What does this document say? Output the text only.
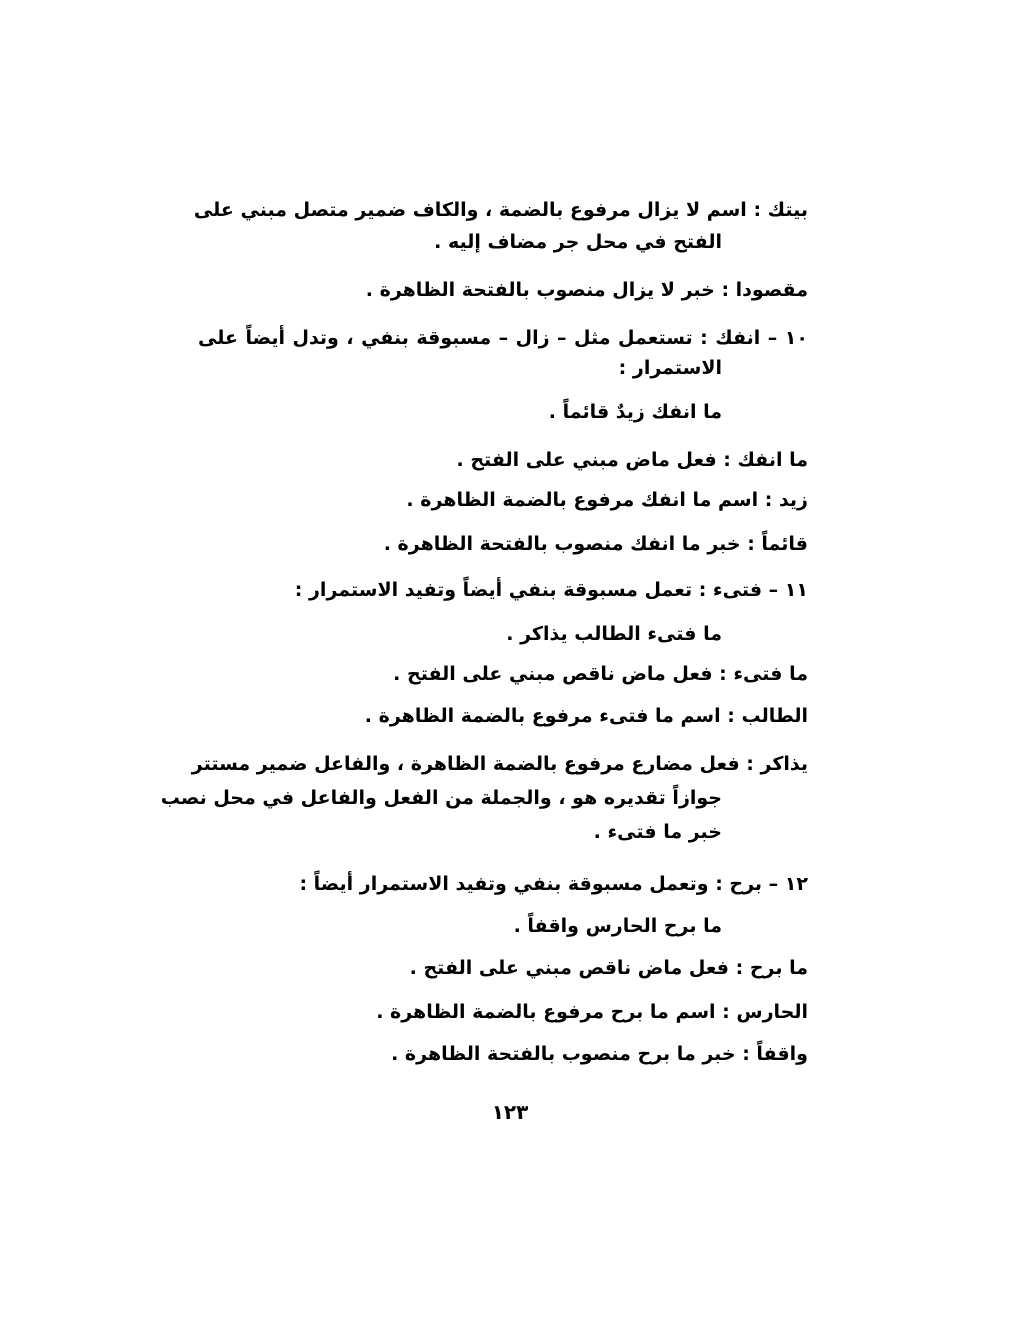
بيتك : اسم لا يزال مرفوع بالضمة ، والكاف ضمير متصل مبني على
الفتح في محل جر مضاف إليه .
مقصودا : خبر لا يزال منصوب بالفتحة الظاهرة .
١٠ – انفك : تستعمل مثل – زال – مسبوقة بنفي ، وتدل أيضاً على
الاستمرار :
ما انفك زيدٌ قائماً .
ما انفك : فعل ماض مبني على الفتح .
زيد : اسم ما انفك مرفوع بالضمة الظاهرة .
قائماً : خبر ما انفك منصوب بالفتحة الظاهرة .
١١ – فتىء : تعمل مسبوقة بنفي أيضاً وتفيد الاستمرار :
ما فتىء الطالب يذاكر .
ما فتىء : فعل ماض ناقص مبني على الفتح .
الطالب : اسم ما فتىء مرفوع بالضمة الظاهرة .
يذاكر : فعل مضارع مرفوع بالضمة الظاهرة ، والفاعل ضمير مستتر
جوازاً تقديره هو ، والجملة من الفعل والفاعل في محل نصب
خبر ما فتىء .
١٢ – برح : وتعمل مسبوقة بنفي وتفيد الاستمرار أيضاً :
ما برح الحارس واقفاً .
ما برح : فعل ماض ناقص مبني على الفتح .
الحارس : اسم ما برح مرفوع بالضمة الظاهرة .
واقفاً : خبر ما برح منصوب بالفتحة الظاهرة .
١٢٣
